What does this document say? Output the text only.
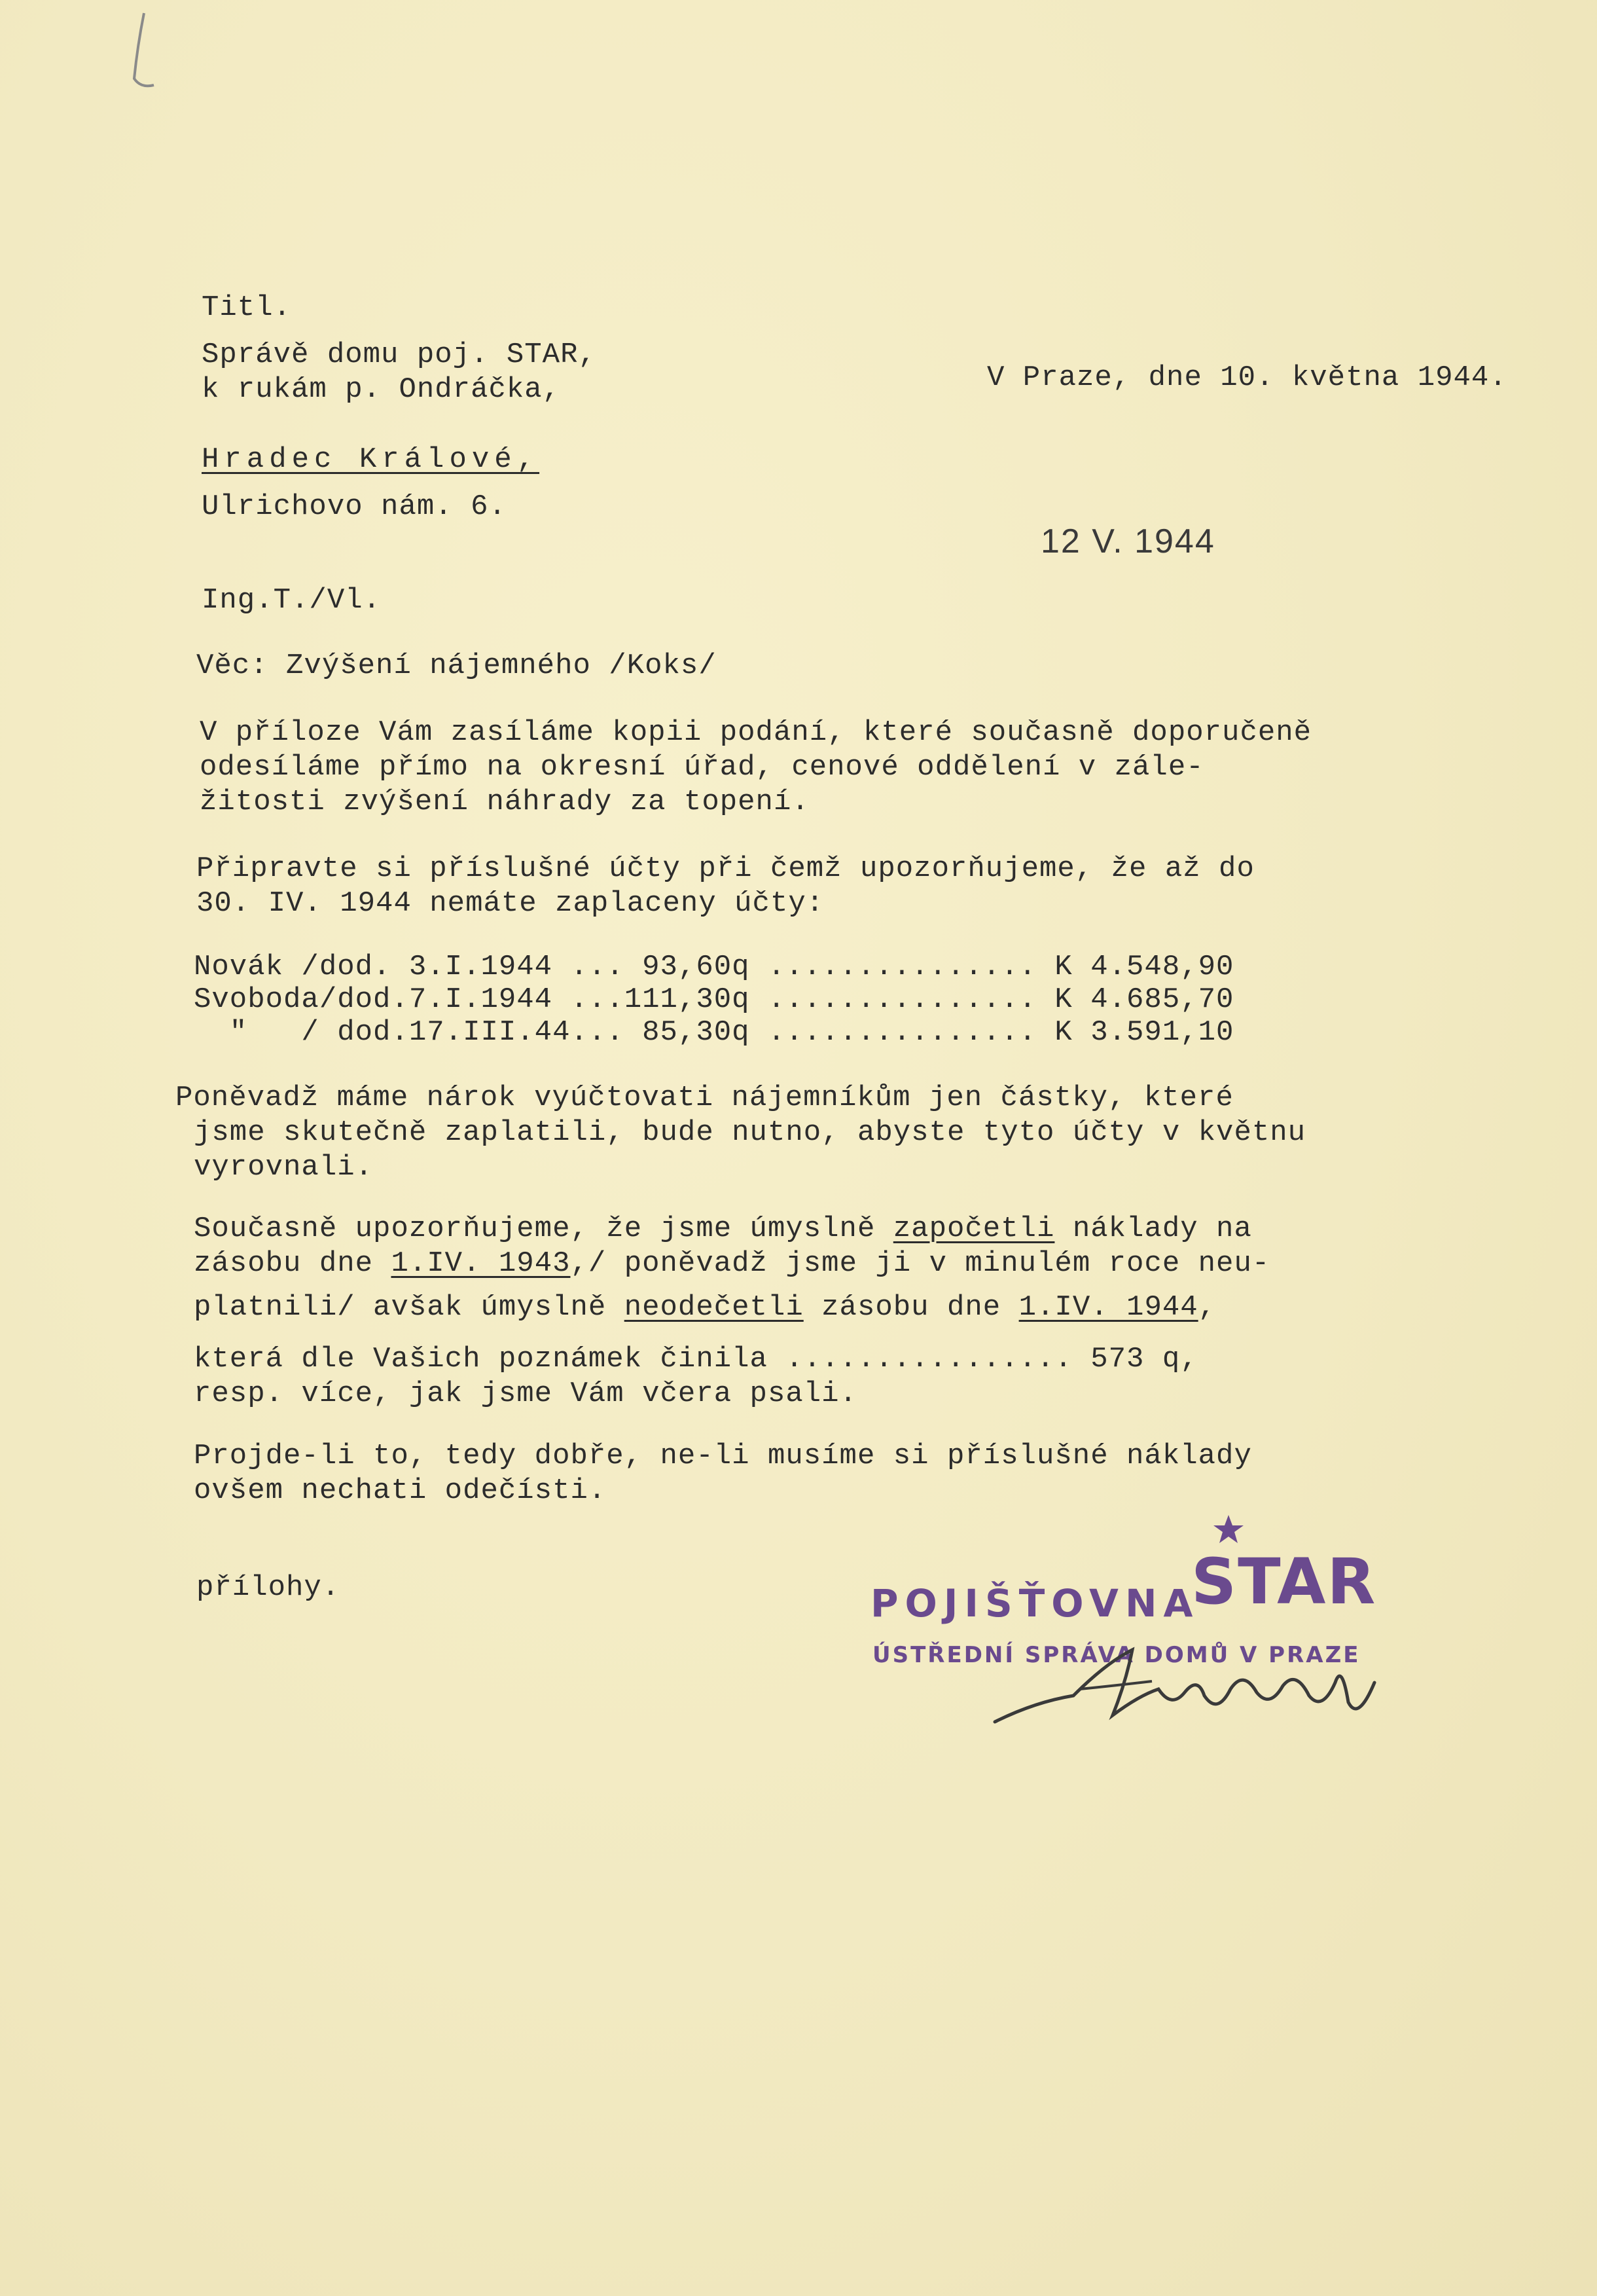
Titl.
Správě domu poj. STAR,
k rukám p. Ondráčka,	V Praze, dne 10. května 1944.
Hradec Králové,
Ulrichovo nám. 6.
12 V. 1944
Ing.T./Vl.
Věc: Zvýšení nájemného /Koks/
V příloze Vám zasíláme kopii podání, které současně doporučeně
odesíláme přímo na okresní úřad, cenové oddělení v zále-
žitosti zvýšení náhrady za topení.
Připravte si příslušné účty při čemž upozorňujeme, že až do
30. IV. 1944 nemáte zaplaceny účty:
Novák /dod. 3.I.1944 ... 93,60q ............... K 4.548,90
Svoboda/dod.7.I.1944 ...111,30q ............... K 4.685,70
"   / dod.17.III.44... 85,30q ............... K 3.591,10
Poněvadž máme nárok vyúčtovati nájemníkům jen částky, které
jsme skutečně zaplatili, bude nutno, abyste tyto účty v květnu
vyrovnali.
Současně upozorňujeme, že jsme úmyslně započetli náklady na
zásobu dne 1.IV. 1943,/ poněvadž jsme ji v minulém roce neu-
platnili/ avšak úmyslně neodečetli zásobu dne 1.IV. 1944,
která dle Vašich poznámek činila ................ 573 q,
resp. více, jak jsme Vám včera psali.
Projde-li to, tedy dobře, ne-li musíme si příslušné náklady
ovšem nechati odečísti.
přílohy.	POJIŠŤOVNA
STAR
ÚSTŘEDNÍ SPRÁVA DOMŮ V PRAZE
